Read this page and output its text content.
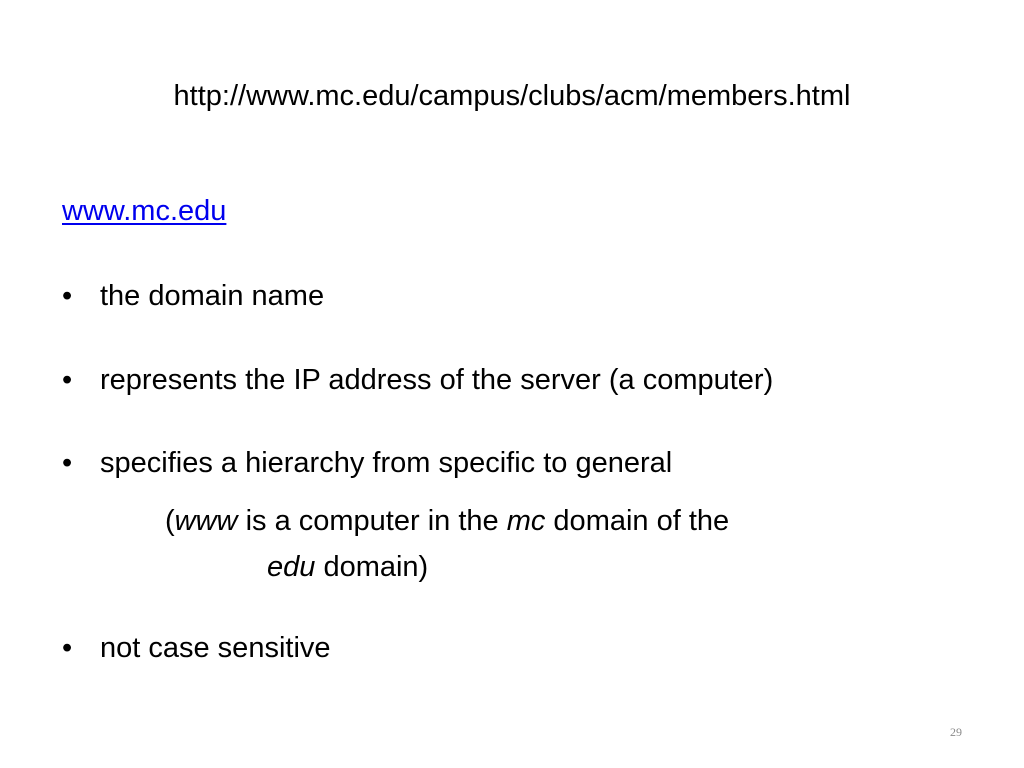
http://www.mc.edu/campus/clubs/acm/members.html
www.mc.edu
• the domain name
• represents the IP address of the server (a computer)
• specifies a hierarchy from specific to general
(www is a computer in the mc domain of the
edu domain)
• not case sensitive
29
